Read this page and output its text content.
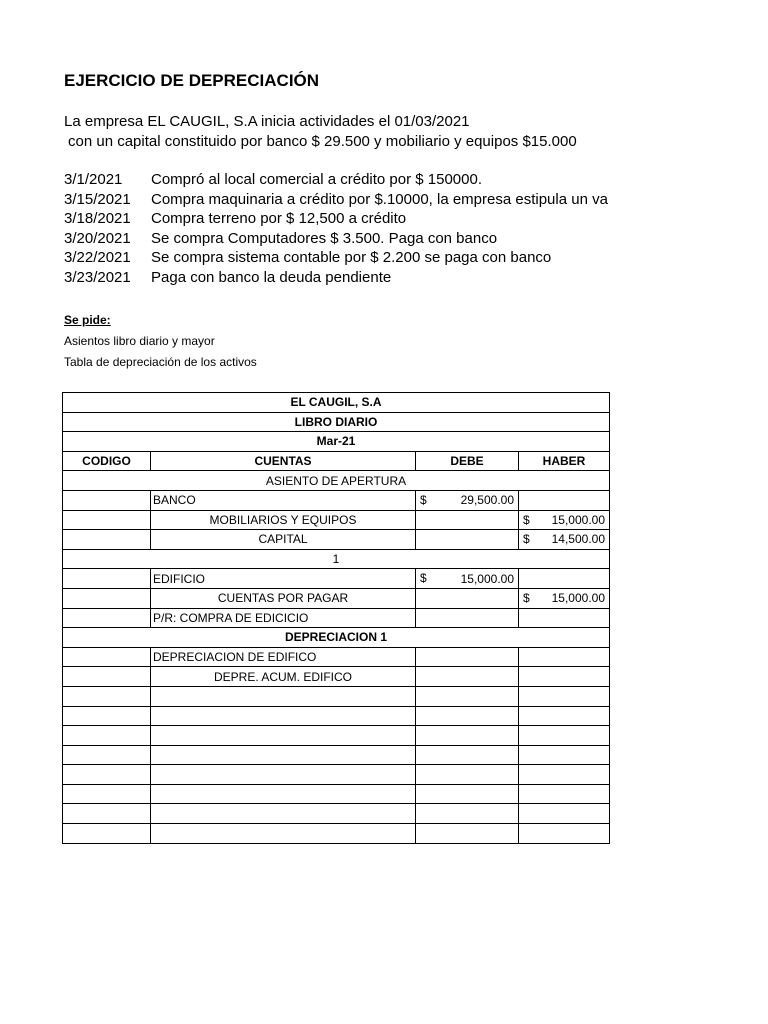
EJERCICIO DE DEPRECIACIÓN
La empresa EL CAUGIL, S.A inicia actividades el 01/03/2021
con un capital constituido por banco $ 29.500 y mobiliario y equipos $15.000
3/1/2021 Compró al local comercial a crédito por $ 150000.
3/15/2021 Compra maquinaria a crédito por $.10000, la empresa estipula un va
3/18/2021 Compra terreno por $ 12,500 a crédito
3/20/2021 Se compra Computadores $ 3.500. Paga con banco
3/22/2021 Se compra sistema contable por $ 2.200 se paga con banco
3/23/2021 Paga con banco la deuda pendiente
Se pide:
Asientos libro diario y mayor
Tabla de depreciación de los activos
EL CAUGIL, S.A			
LIBRO DIARIO			
Mar-21			
CODIGO	CUENTAS	DEBE	HABER
ASIENTO DE APERTURA			
	BANCO	$ 29,500.00	

	MOBILIARIOS Y EQUIPOS		$ 15,000.00

	CAPITAL		$ 14,500.00

1			
	EDIFICIO	$ 15,000.00	

	CUENTAS POR PAGAR		$ 15,000.00

	P/R: COMPRA DE EDICICIO		
DEPRECIACION 1			
	DEPRECIACION DE EDIFICO		
	DEPRE. ACUM. EDIFICO		
